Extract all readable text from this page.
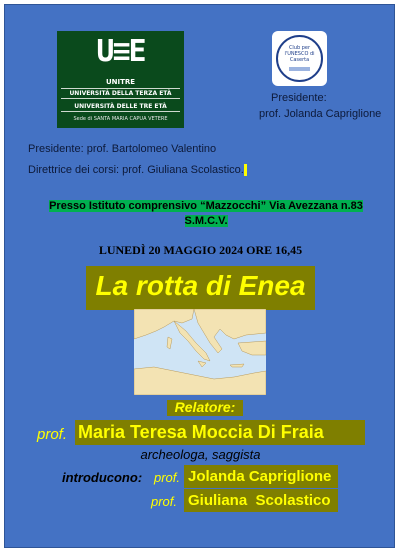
U≡E
UNITRE
UNIVERSITÀ DELLA TERZA ETÀ
UNIVERSITÀ DELLE TRE ETÀ
Sede di SANTA MARIA CAPUA VETERE
Club per l'UNESCO di Caserta
Presidente:
prof. Jolanda Capriglione
Presidente: prof. Bartolomeo Valentino
Direttrice dei corsi: prof. Giuliana Scolastico.
Presso Istituto comprensivo “Mazzocchi” Via Avezzana n.83
S.M.C.V.
LUNEDÌ 20 MAGGIO 2024 ORE 16,45
La rotta di Enea
Relatore:
prof. Maria Teresa Moccia Di Fraia
archeologa, saggista
introducono: prof. Jolanda Capriglione
prof. Giuliana  Scolastico
